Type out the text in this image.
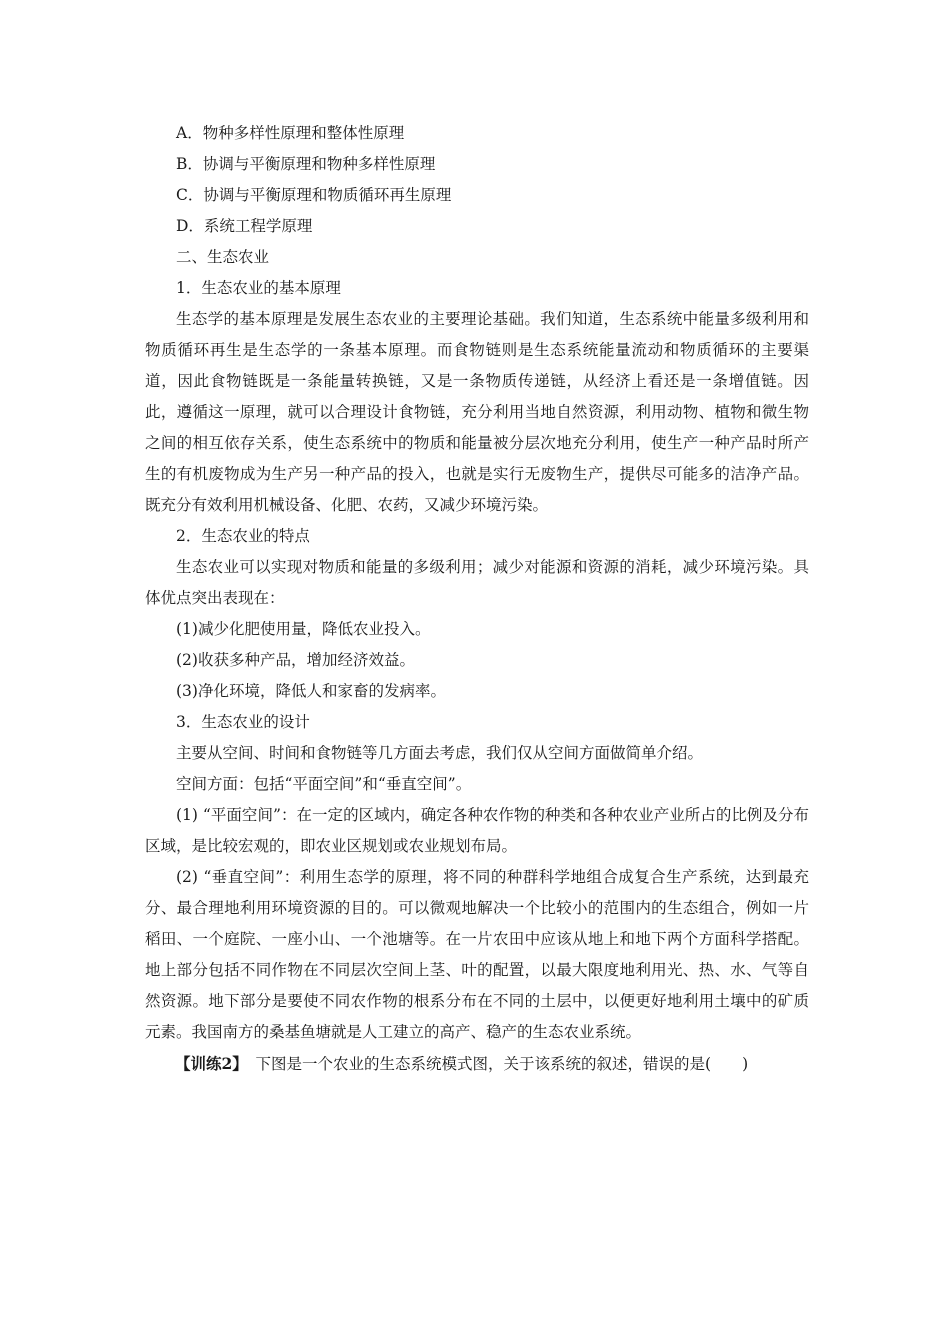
A．物种多样性原理和整体性原理

B．协调与平衡原理和物种多样性原理

C．协调与平衡原理和物质循环再生原理

D．系统工程学原理

二、生态农业

1．生态农业的基本原理

生态学的基本原理是发展生态农业的主要理论基础。我们知道，生态系统中能量多级利用和物质循环再生是生态学的一条基本原理。而食物链则是生态系统能量流动和物质循环的主要渠道，因此食物链既是一条能量转换链，又是一条物质传递链，从经济上看还是一条增值链。因此，遵循这一原理，就可以合理设计食物链，充分利用当地自然资源，利用动物、植物和微生物之间的相互依存关系，使生态系统中的物质和能量被分层次地充分利用，使生产一种产品时所产生的有机废物成为生产另一种产品的投入，也就是实行无废物生产，提供尽可能多的洁净产品。既充分有效利用机械设备、化肥、农药，又减少环境污染。

2．生态农业的特点

生态农业可以实现对物质和能量的多级利用；减少对能源和资源的消耗，减少环境污染。具体优点突出表现在：

(1)减少化肥使用量，降低农业投入。

(2)收获多种产品，增加经济效益。

(3)净化环境，降低人和家畜的发病率。

3．生态农业的设计

主要从空间、时间和食物链等几方面去考虑，我们仅从空间方面做简单介绍。

空间方面：包括“平面空间”和“垂直空间”。

(1) “平面空间”：在一定的区域内，确定各种农作物的种类和各种农业产业所占的比例及分布区域，是比较宏观的，即农业区规划或农业规划布局。

(2) “垂直空间”：利用生态学的原理，将不同的种群科学地组合成复合生产系统，达到最充分、最合理地利用环境资源的目的。可以微观地解决一个比较小的范围内的生态组合，例如一片稻田、一个庭院、一座小山、一个池塘等。在一片农田中应该从地上和地下两个方面科学搭配。地上部分包括不同作物在不同层次空间上茎、叶的配置，以最大限度地利用光、热、水、气等自然资源。地下部分是要使不同农作物的根系分布在不同的土层中，以便更好地利用土壤中的矿质元素。我国南方的桑基鱼塘就是人工建立的高产、稳产的生态农业系统。

【训练2】　下图是一个农业的生态系统模式图，关于该系统的叙述，错误的是(　　)
